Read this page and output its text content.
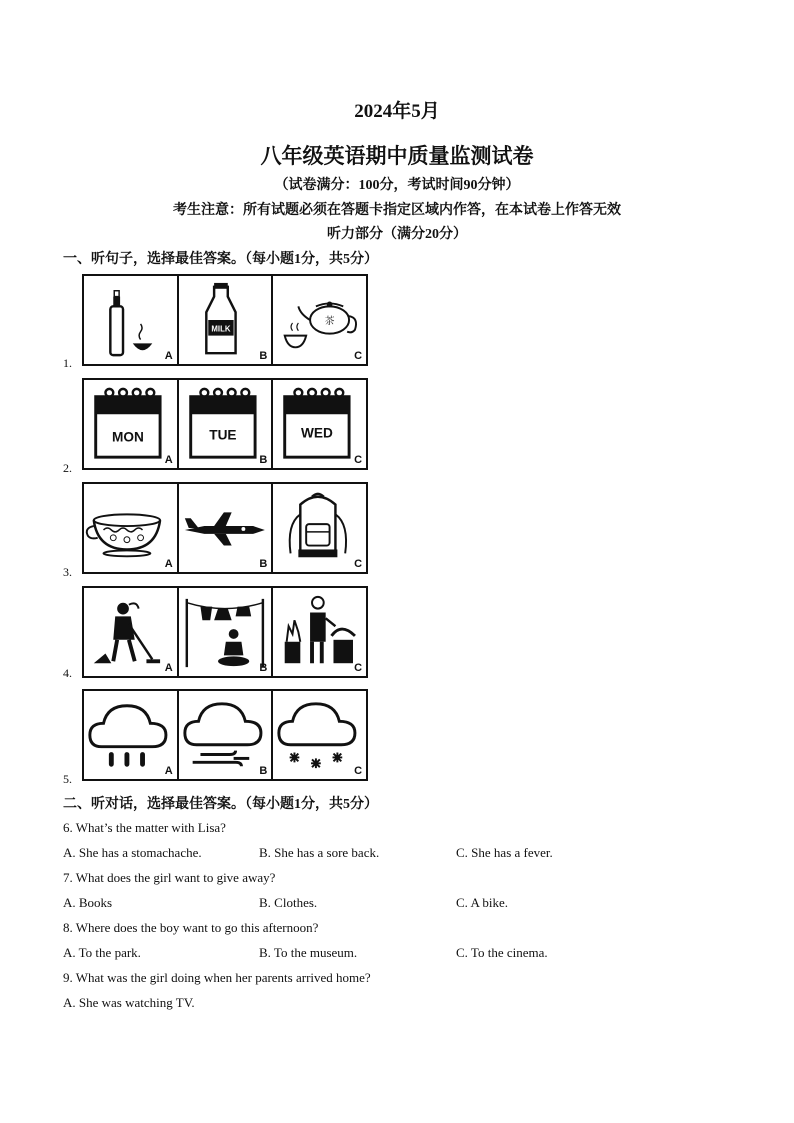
2024年5月
八年级英语期中质量监测试卷
（试卷满分：100分，考试时间90分钟）
考生注意：所有试题必须在答题卡指定区域内作答，在本试卷上作答无效
听力部分（满分20分）
一、听句子，选择最佳答案。（每小题1分，共5分）
1.	A
MILK
B
茶
C
2.
MON
A
TUE
B
WED
C
3.
A	B	C
4.	A	B	C
5.
A	B	C
二、听对话，选择最佳答案。（每小题1分，共5分）
6. What’s the matter with Lisa?
A. She has a stomachache.	B. She has a sore back.	C. She has a fever.
7. What does the girl want to give away?
A. Books	B. Clothes.	C. A bike.
8. Where does the boy want to go this afternoon?
A. To the park.	B. To the museum.	C. To the cinema.
9. What was the girl doing when her parents arrived home?
A. She was watching TV.
